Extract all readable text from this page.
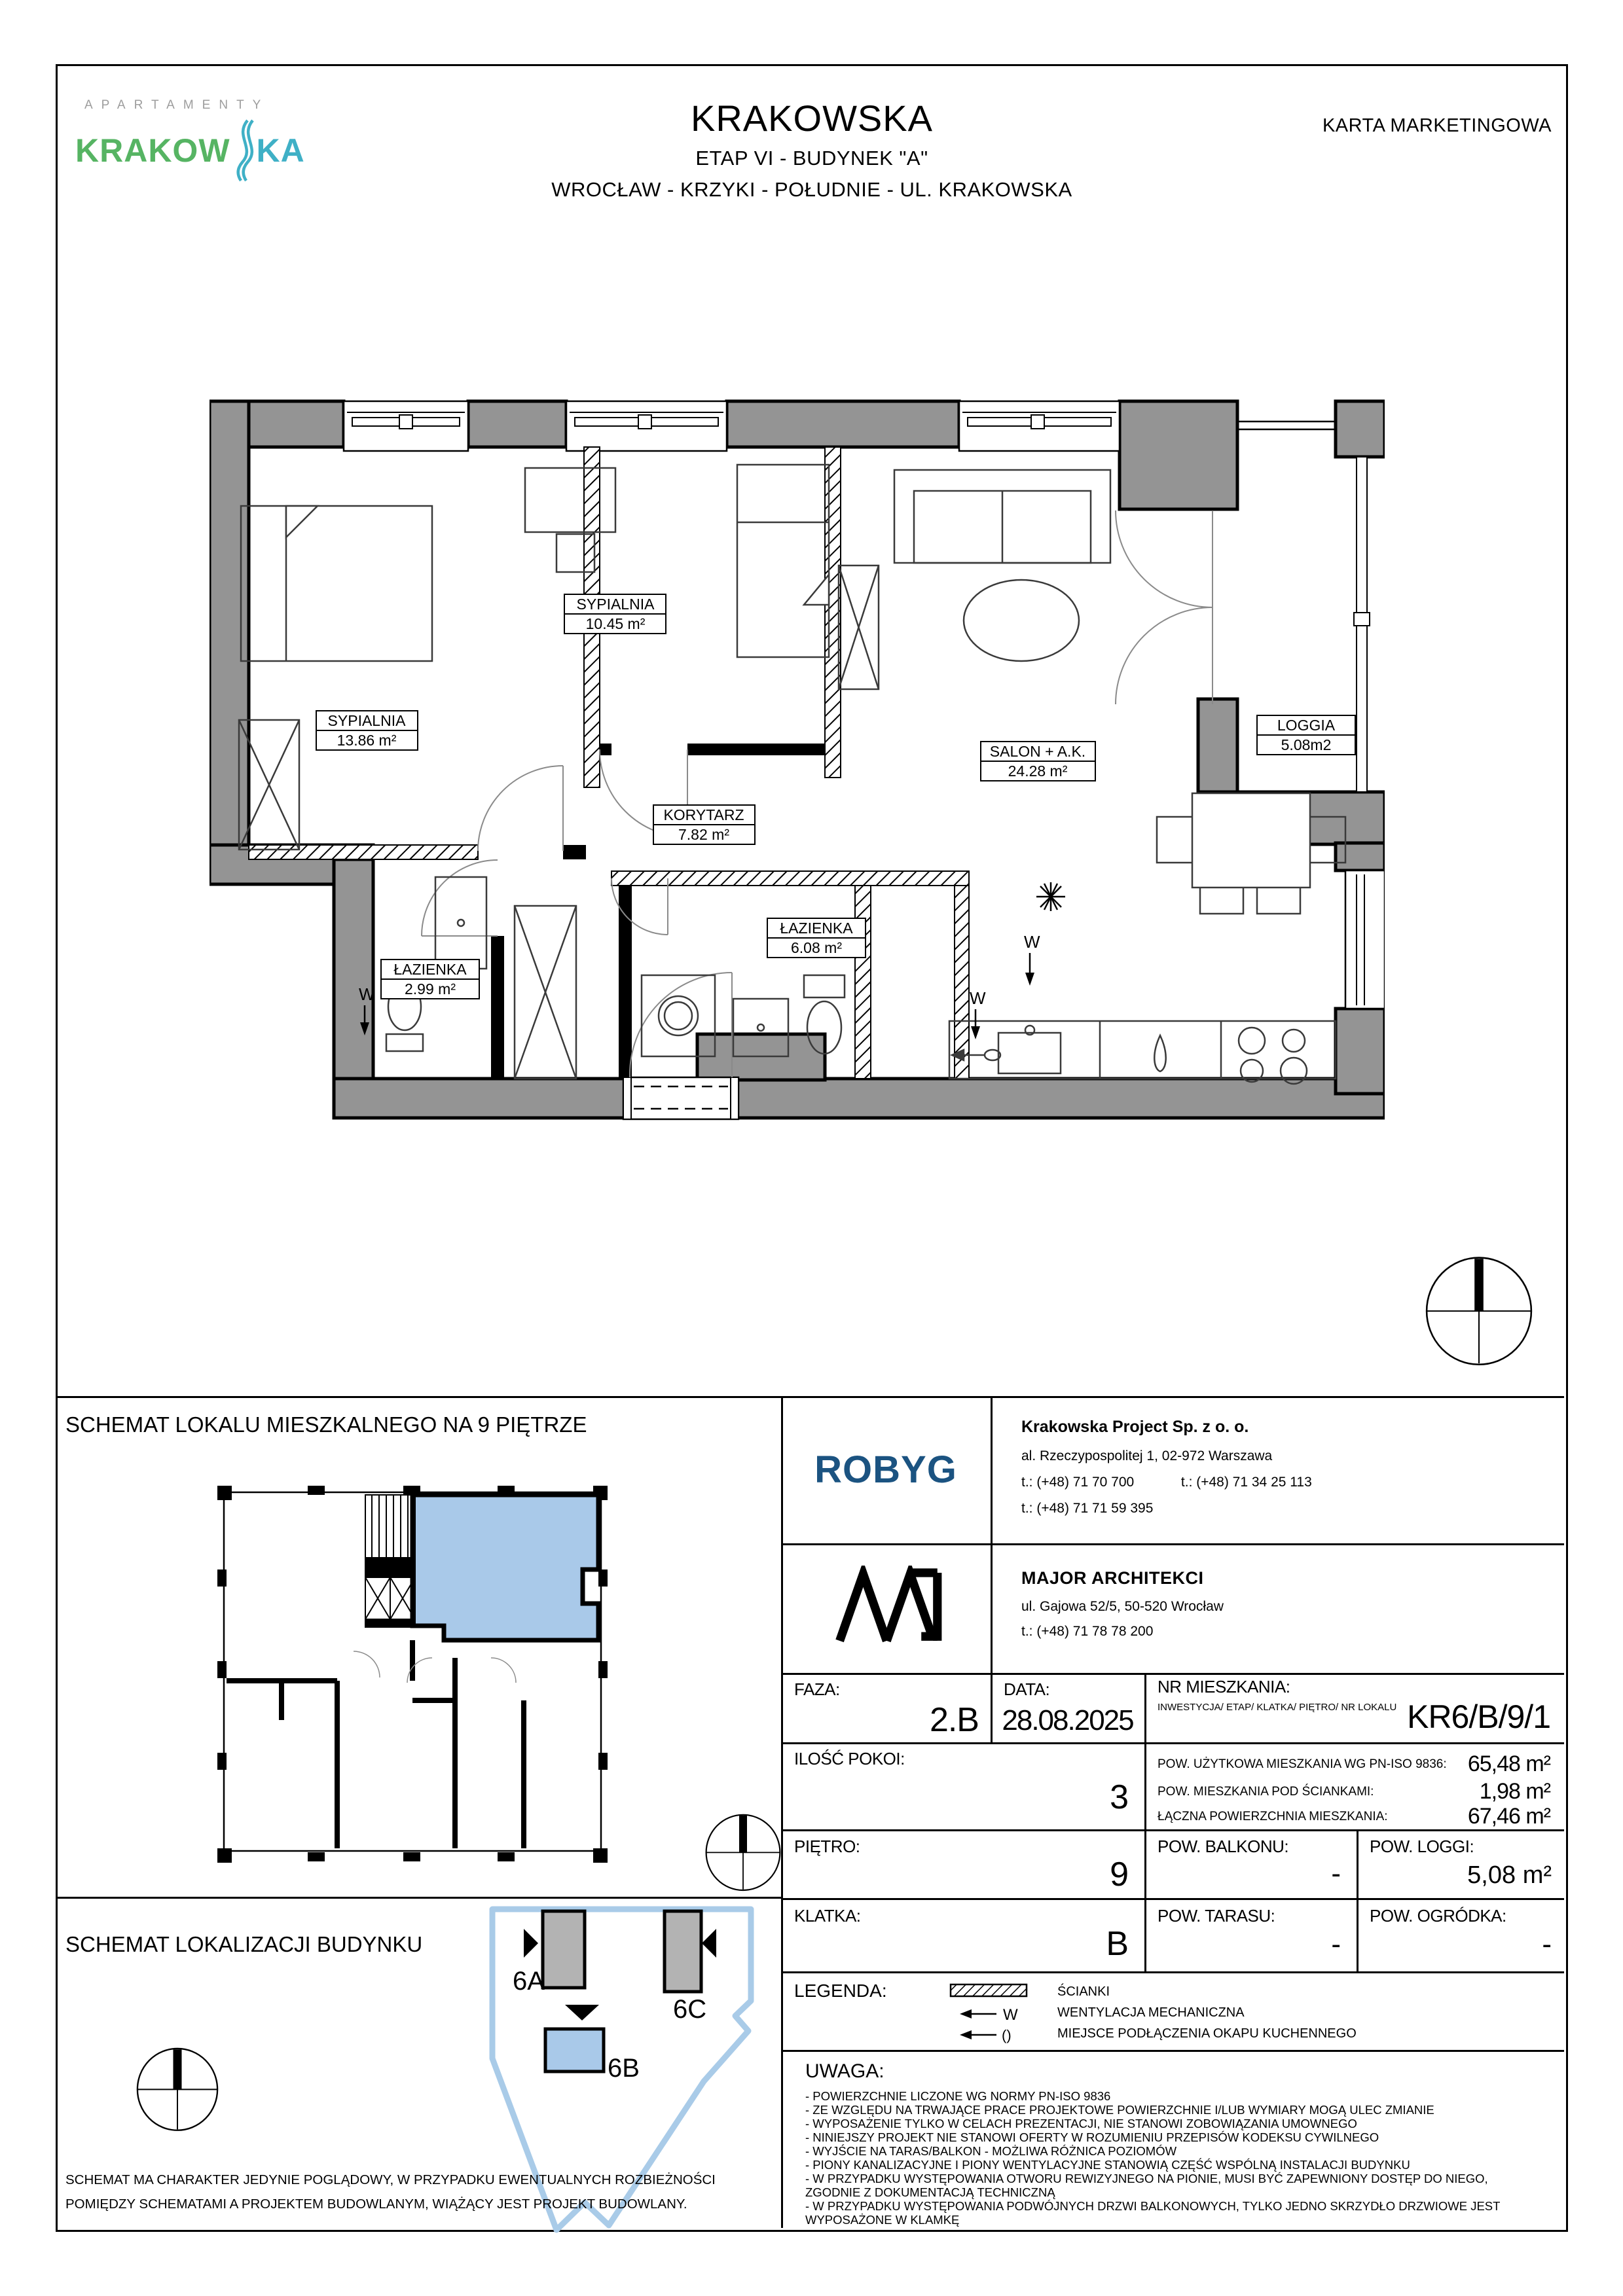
APARTAMENTY
KRAKOW KA
KRAKOWSKA
ETAP VI - BUDYNEK "A"
WROCŁAW - KRZYKI - POŁUDNIE - UL. KRAKOWSKA
KARTA MARKETINGOWA
W
W
W
SYPIALNIA
13.86 m²
SYPIALNIA
10.45 m²
SALON + A.K.
24.28 m²
KORYTARZ
7.82 m²
ŁAZIENKA
6.08 m²
ŁAZIENKA
2.99 m²
LOGGIA
5.08m2
SCHEMAT LOKALU MIESZKALNEGO NA 9 PIĘTRZE
SCHEMAT LOKALIZACJI BUDYNKU
6A
6C
6B
SCHEMAT MA CHARAKTER JEDYNIE POGLĄDOWY, W PRZYPADKU EWENTUALNYCH ROZBIEŻNOŚCI
POMIĘDZY SCHEMATAMI A PROJEKTEM BUDOWLANYM, WIĄŻĄCY JEST PROJEKT BUDOWLANY.
ROBYG
Krakowska Project Sp. z o. o.
al. Rzeczypospolitej 1, 02-972 Warszawa
t.: (+48) 71 70 700	t.: (+48) 71 34 25 113
t.: (+48) 71 71 59 395
MAJOR ARCHITEKCI
ul. Gajowa 52/5, 50-520 Wrocław
t.: (+48) 71 78 78 200
FAZA:
2.B
DATA:
28.08.2025
NR MIESZKANIA:
INWESTYCJA/ ETAP/ KLATKA/ PIĘTRO/ NR LOKALU KR6/B/9/1
ILOŚĆ POKOI:
3
POW. UŻYTKOWA MIESZKANIA WG PN-ISO 9836: 65,48 m²
POW. MIESZKANIA POD ŚCIANKAMI:	1,98 m²
ŁĄCZNA POWIERZCHNIA MIESZKANIA:	67,46 m²
PIĘTRO:
9
POW. BALKONU:
-
POW. LOGGI:
5,08 m²
KLATKA:
B
POW. TARASU:
-
POW. OGRÓDKA:
-
LEGENDA:	ŚCIANKI
W	WENTYLACJA MECHANICZNA
()	MIEJSCE PODŁĄCZENIA OKAPU KUCHENNEGO
UWAGA:
- POWIERZCHNIE LICZONE WG NORMY PN-ISO 9836
- ZE WZGLĘDU NA TRWAJĄCE PRACE PROJEKTOWE POWIERZCHNIE I/LUB WYMIARY MOGĄ ULEC ZMIANIE
- WYPOSAŻENIE TYLKO W CELACH PREZENTACJI, NIE STANOWI ZOBOWIĄZANIA UMOWNEGO
- NINIEJSZY PROJEKT NIE STANOWI OFERTY W ROZUMIENIU PRZEPISÓW KODEKSU CYWILNEGO
- WYJŚCIE NA TARAS/BALKON - MOŻLIWA RÓŻNICA POZIOMÓW
- PIONY KANALIZACYJNE I PIONY WENTYLACYJNE STANOWIĄ CZĘŚĆ WSPÓLNĄ INSTALACJI BUDYNKU
- W PRZYPADKU WYSTĘPOWANIA OTWORU REWIZYJNEGO NA PIONIE, MUSI BYĆ ZAPEWNIONY DOSTĘP DO NIEGO, ZGODNIE Z DOKUMENTACJĄ TECHNICZNĄ
- W PRZYPADKU WYSTĘPOWANIA PODWÓJNYCH DRZWI BALKONOWYCH, TYLKO JEDNO SKRZYDŁO DRZWIOWE JEST WYPOSAŻONE W KLAMKĘ
